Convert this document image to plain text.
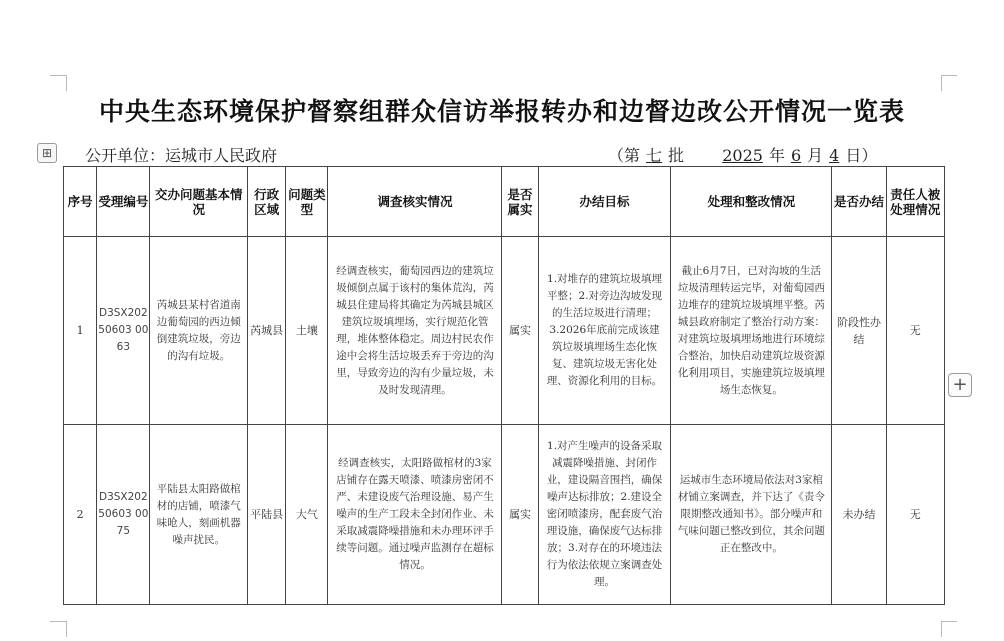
中央生态环境保护督察组群众信访举报转办和边督边改公开情况一览表
⊞	公开单位：运城市人民政府	（第 七 批 2025 年 6 月 4 日）
序号	受理编号	交办问题基本情况	行政区域	问题类型	调查核实情况	是否属实	办结目标	处理和整改情况	是否办结	责任人被处理情况
1	D3SX20250603 0063	芮城县某村省道南边葡萄园的西边倾倒建筑垃圾，旁边的沟有垃圾。	芮城县	土壤	经调查核实，葡萄园西边的建筑垃圾倾倒点属于该村的集体荒沟，芮城县住建局将其确定为芮城县城区建筑垃圾填埋场，实行规范化管理，堆体整体稳定。周边村民农作途中会将生活垃圾丢弃于旁边的沟里，导致旁边的沟有少量垃圾，未及时发现清理。	属实	1.对堆存的建筑垃圾填埋平整；2.对旁边沟坡发现的生活垃圾进行清理；3.2026年底前完成该建筑垃圾填埋场生态化恢复、建筑垃圾无害化处理、资源化利用的目标。	截止6月7日，已对沟坡的生活垃圾清理转运完毕，对葡萄园西边堆存的建筑垃圾填埋平整。芮城县政府制定了整治行动方案：对建筑垃圾填埋场地进行环境综合整治，加快启动建筑垃圾资源化利用项目，实施建筑垃圾填埋场生态恢复。	阶段性办结	无
2	D3SX20250603 0075	平陆县太阳路做棺材的店铺，喷漆气味呛人，刻画机器噪声扰民。	平陆县	大气	经调查核实，太阳路做棺材的3家店铺存在露天喷漆、喷漆房密闭不严、未建设废气治理设施、易产生噪声的生产工段未全封闭作业、未采取减震降噪措施和未办理环评手续等问题。通过噪声监测存在超标情况。	属实	1.对产生噪声的设备采取减震降噪措施、封闭作业，建设隔音围挡，确保噪声达标排放；2.建设全密闭喷漆房，配套废气治理设施，确保废气达标排放；3.对存在的环境违法行为依法依规立案调查处理。	运城市生态环境局依法对3家棺材铺立案调查，并下达了《责令限期整改通知书》。部分噪声和气味问题已整改到位，其余问题正在整改中。	未办结	无
+
